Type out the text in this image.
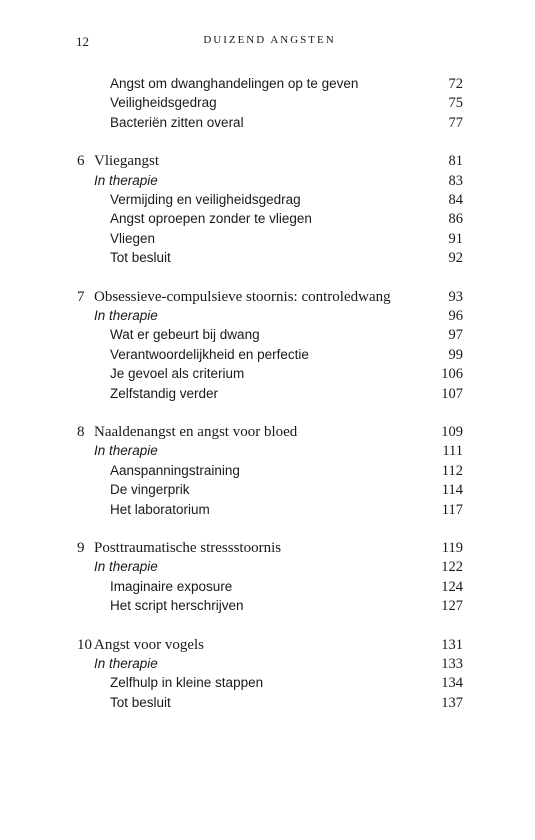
12	DUIZEND ANGSTEN
Angst om dwanghandelingen op te geven	72
Veiligheidsgedrag	75
Bacteriën zitten overal	77
6 Vliegangst	81
In therapie	83
Vermijding en veiligheidsgedrag	84
Angst oproepen zonder te vliegen	86
Vliegen	91
Tot besluit	92
7 Obsessieve-compulsieve stoornis: controledwang	93
In therapie	96
Wat er gebeurt bij dwang	97
Verantwoordelijkheid en perfectie	99
Je gevoel als criterium	106
Zelfstandig verder	107
8 Naaldenangst en angst voor bloed	109
In therapie	111
Aanspanningstraining	112
De vingerprik	114
Het laboratorium	117
9 Posttraumatische stressstoornis	119
In therapie	122
Imaginaire exposure	124
Het script herschrijven	127
10 Angst voor vogels	131
In therapie	133
Zelfhulp in kleine stappen	134
Tot besluit	137
